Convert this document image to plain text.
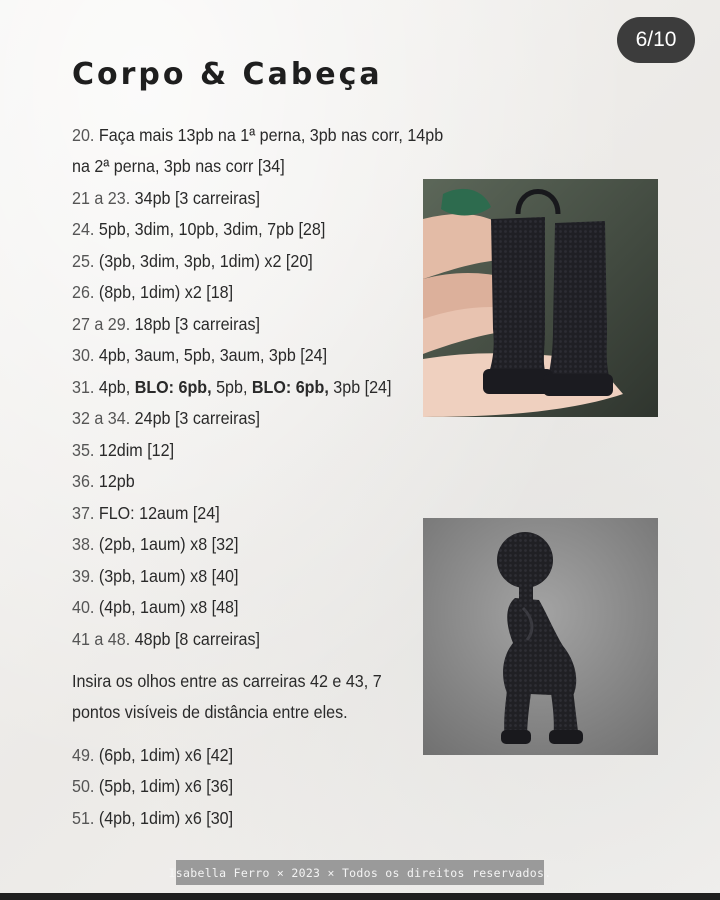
6/10
Corpo & Cabeça

20. Faça mais 13pb na 1ª perna, 3pb nas corr, 14pb

na 2ª perna, 3pb nas corr [34]

21 a 23. 34pb [3 carreiras]

24. 5pb, 3dim, 10pb, 3dim, 7pb [28]

25. (3pb, 3dim, 3pb, 1dim) x2 [20]

26. (8pb, 1dim) x2 [18]

27 a 29. 18pb [3 carreiras]

30. 4pb, 3aum, 5pb, 3aum, 3pb [24]

31. 4pb, BLO: 6pb, 5pb, BLO: 6pb, 3pb [24]

32 a 34. 24pb [3 carreiras]

35. 12dim [12]

36. 12pb

37. FLO: 12aum [24]

38. (2pb, 1aum) x8 [32]

39. (3pb, 1aum) x8 [40]

40. (4pb, 1aum) x8 [48]

41 a 48. 48pb [8 carreiras]

Insira os olhos entre as carreiras 42 e 43, 7 pontos visíveis de distância entre eles.

49. (6pb, 1dim) x6 [42]

50. (5pb, 1dim) x6 [36]

51. (4pb, 1dim) x6 [30]

Isabella Ferro × 2023 × Todos os direitos reservados.
